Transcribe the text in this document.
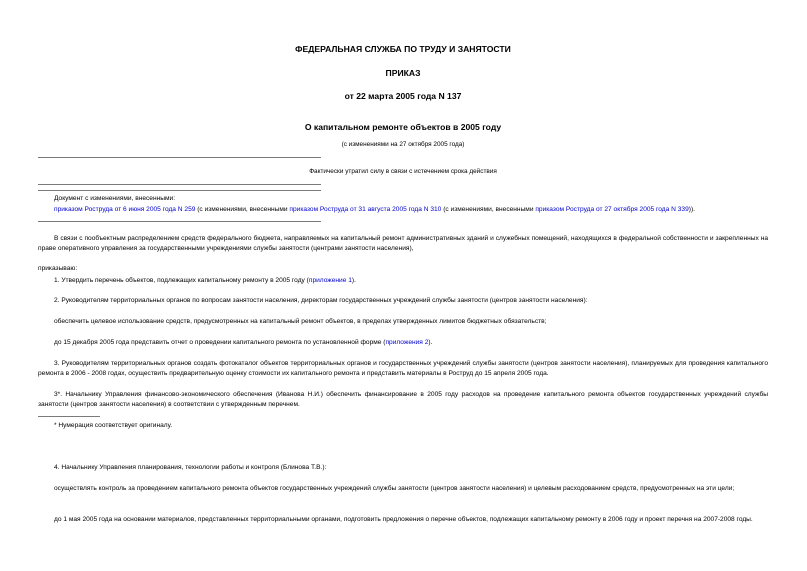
ФЕДЕРАЛЬНАЯ СЛУЖБА ПО ТРУДУ И ЗАНЯТОСТИ
ПРИКАЗ
от 22 марта 2005 года N 137
О капитальном ремонте объектов в 2005 году
(с изменениями на 27 октября 2005 года)
Фактически утратил силу в связи с истечением срока действия
Документ с изменениями, внесенными:
приказом Роструда от 6 июня 2005 года N 259 (с изменениями, внесенными приказом Роструда от 31 августа 2005 года N 310 (с изменениями, внесенными приказом Роструда от 27 октября 2005 года N 339)).
В связи с пообъектным распределением средств федерального бюджета, направляемых на капитальный ремонт административных зданий и служебных помещений, находящихся в федеральной собственности и закрепленных на праве оперативного управления за государственными учреждениями службы занятости (центрами занятости населения),
приказываю:
1. Утвердить перечень объектов, подлежащих капитальному ремонту в 2005 году (приложение 1).
2. Руководителям территориальных органов по вопросам занятости населения, директорам государственных учреждений службы занятости (центров занятости населения):
обеспечить целевое использование средств, предусмотренных на капитальный ремонт объектов, в пределах утвержденных лимитов бюджетных обязательств;
до 15 декабря 2005 года представить отчет о проведении капитального ремонта по установленной форме (приложения 2).
3. Руководителям территориальных органов создать фотокаталог объектов территориальных органов и государственных учреждений службы занятости (центров занятости населения), планируемых для проведения капитального ремонта в 2006 - 2008 годах, осуществить предварительную оценку стоимости их капитального ремонта и представить материалы в Роструд до 15 апреля 2005 года.
3*. Начальнику Управления финансово-экономического обеспечения (Иванова Н.И.) обеспечить финансирование в 2005 году расходов на проведение капитального ремонта объектов государственных учреждений службы занятости (центров занятости населения) в соответствии с утвержденным перечнем.
* Нумерация соответствует оригиналу.
4. Начальнику Управления планирования, технологии работы и контроля (Блинова Т.В.):
осуществлять контроль за проведением капитального ремонта объектов государственных учреждений службы занятости (центров занятости населения) и целевым расходованием средств, предусмотренных на эти цели;
до 1 мая 2005 года на основании материалов, представленных территориальными органами, подготовить предложения о перечне объектов, подлежащих капитальному ремонту в 2006 году и проект перечня на 2007-2008 годы.
